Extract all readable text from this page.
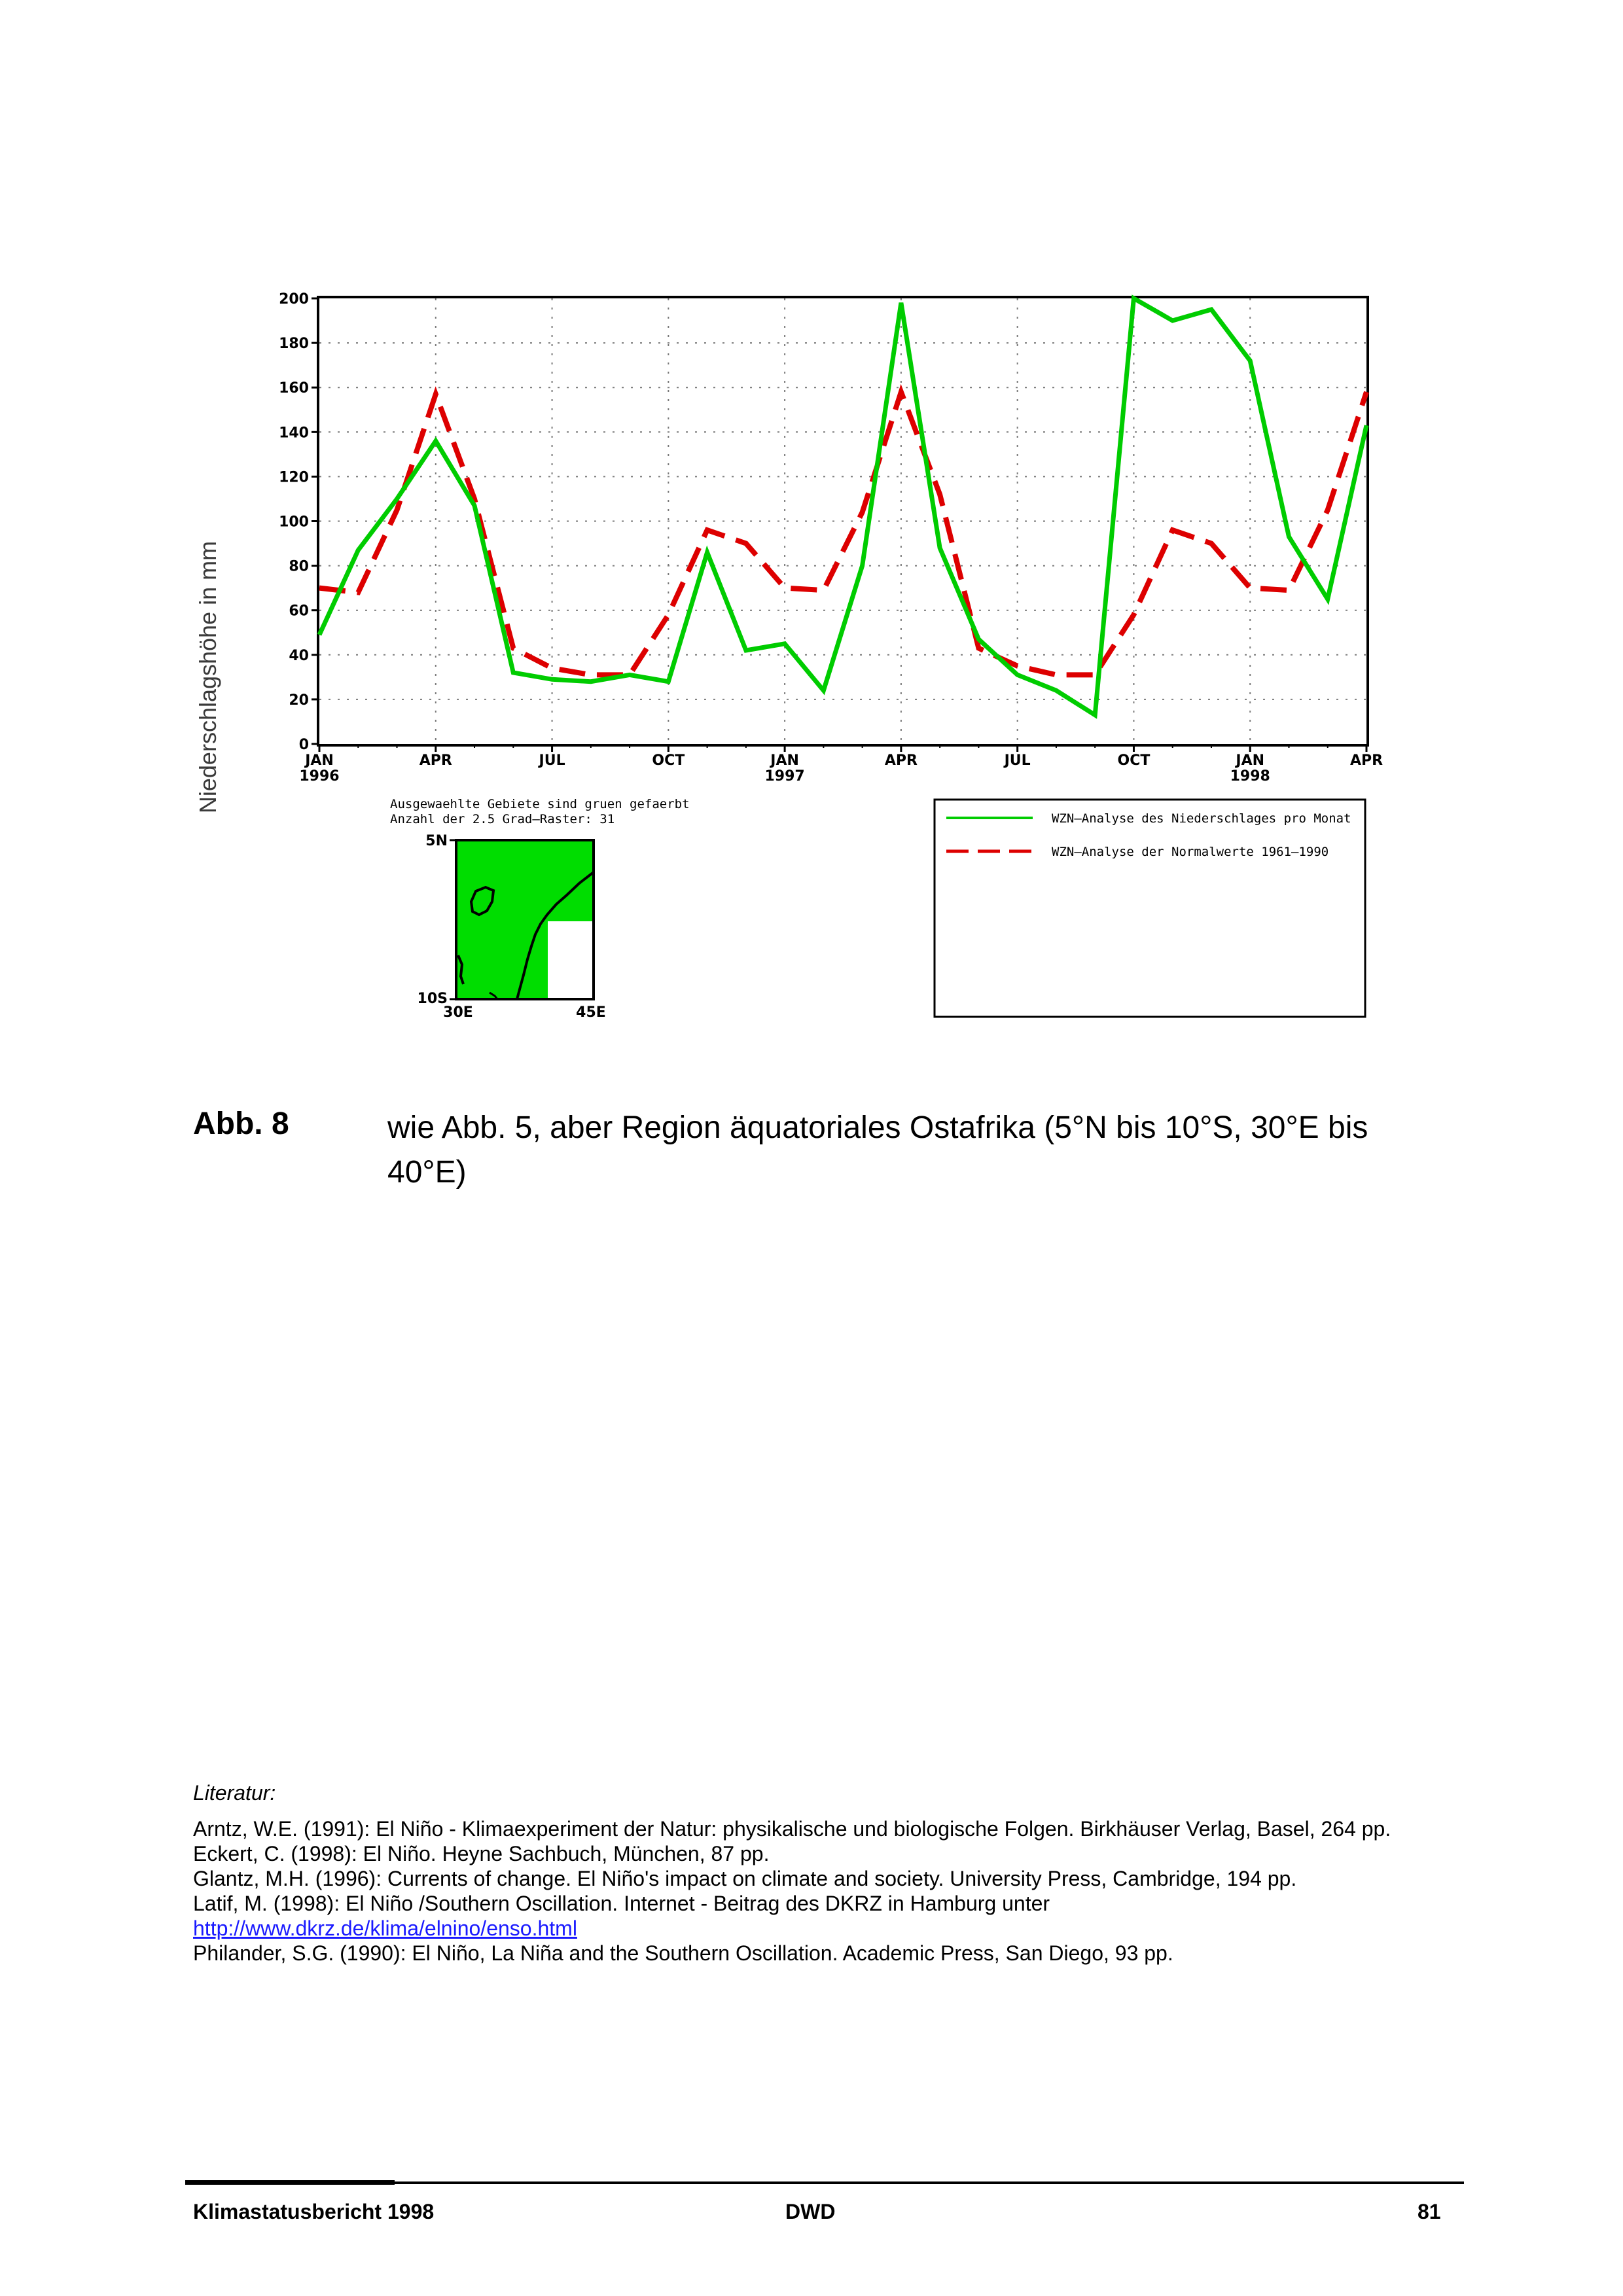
0
20
40
60
80
100
120
140
160
180
200
JAN
1996
APR	JUL	OCT	JAN
1997
APR	JUL	OCT	JAN
1998
APR
Ausgewaehlte Gebiete sind gruen gefaerbt
Anzahl der 2.5 Grad–Raster: 31
5N
10S
30E	45E
WZN–Analyse des Niederschlages pro Monat
WZN–Analyse der Normalwerte 1961–1990
Niederschlagshöhe in mm
Abb. 8	wie Abb. 5, aber Region äquatoriales Ostafrika (5°N bis 10°S, 30°E bis 40°E)
Literatur:
Arntz, W.E. (1991): El Niño - Klimaexperiment der Natur: physikalische und biologische Folgen. Birkhäuser Verlag, Basel, 264 pp.
Eckert, C. (1998): El Niño. Heyne Sachbuch, München, 87 pp.
Glantz, M.H. (1996): Currents of change. El Niño's impact on climate and society. University Press, Cambridge, 194 pp.
Latif, M. (1998): El Niño /Southern Oscillation. Internet - Beitrag des DKRZ in Hamburg unter
http://www.dkrz.de/klima/elnino/enso.html
Philander, S.G. (1990): El Niño, La Niña and the Southern Oscillation. Academic Press, San Diego, 93 pp.
Klimastatusbericht 1998	DWD	81
